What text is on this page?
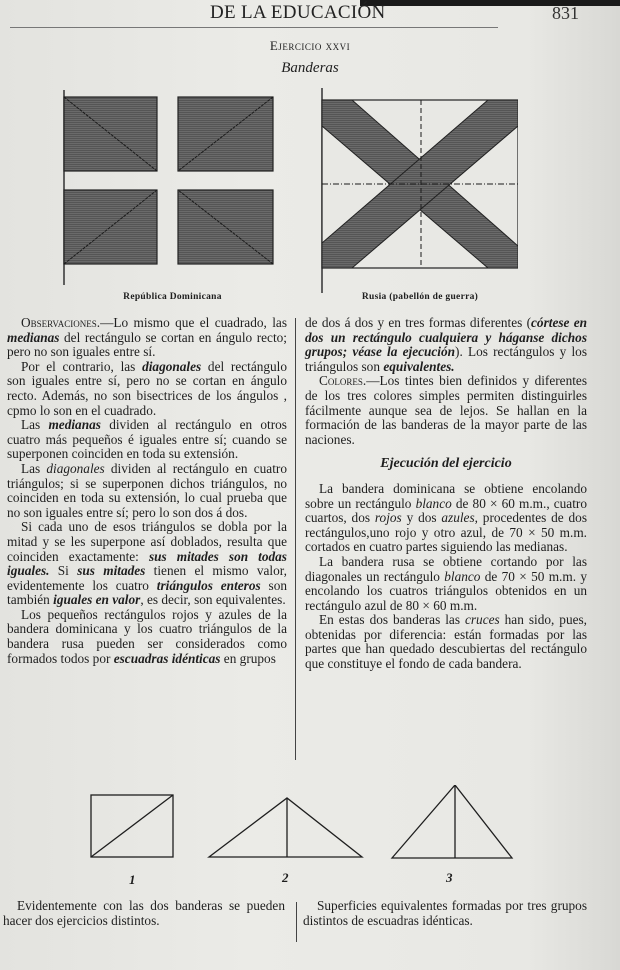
DE LA EDUCACIÓN	831
Ejercicio xxvi
Banderas
República Dominicana	Rusia (pabellón de guerra)

Observaciones.—Lo mismo que el cuadrado, las medianas del rectángulo se cortan en ángulo recto; pero no son iguales entre sí.

Por el contrario, las diagonales del rectángulo son iguales entre sí, pero no se cortan en ángulo recto. Además, no son bisectrices de los ángulos , cpmo lo son en el cuadrado.

Las medianas dividen al rectángulo en otros cuatro más pequeños é iguales entre sí; cuando se superponen coinciden en toda su extensión.

Las diagonales dividen al rectángulo en cuatro triángulos; si se superponen dichos triángulos, no coinciden en toda su extensión, lo cual prueba que no son iguales entre sí; pero lo son dos á dos.

Si cada uno de esos triángulos se dobla por la mitad y se les superpone así doblados, resulta que coinciden exactamente: sus mitades son todas iguales. Si sus mitades tienen el mismo valor, evidentemente los cuatro triángulos enteros son también iguales en valor, es decir, son equivalentes.

Los pequeños rectángulos rojos y azules de la bandera dominicana y los cuatro triángulos de la bandera rusa pueden ser considerados como formados todos por escuadras idénticas en grupos

de dos á dos y en tres formas diferentes (córtese en dos un rectángulo cualquiera y háganse dichos grupos; véase la ejecución). Los rectángulos y los triángulos son equivalentes.

Colores.—Los tintes bien definidos y diferentes de los tres colores simples permiten distinguirles fácilmente aunque sea de lejos. Se hallan en la formación de las banderas de la mayor parte de las naciones.

Ejecución del ejercicio

La bandera dominicana se obtiene encolando sobre un rectángulo blanco de 80 × 60 m.m., cuatro cuartos, dos rojos y dos azules, procedentes de dos rectángulos,uno rojo y otro azul, de 70 × 50 m.m. cortados en cuatro partes siguiendo las medianas.

La bandera rusa se obtiene cortando por las diagonales un rectángulo blanco de 70 × 50 m.m. y encolando los cuatros triángulos obtenidos en un rectángulo azul de 80 × 60 m.m.

En estas dos banderas las cruces han sido, pues, obtenidas por diferencia: están formadas por las partes que han quedado descubiertas del rectángulo que constituye el fondo de cada bandera.

1	2	3

Evidentemente con las dos banderas se pueden hacer dos ejercicios distintos.

Superficies equivalentes formadas por tres grupos distintos de escuadras idénticas.
